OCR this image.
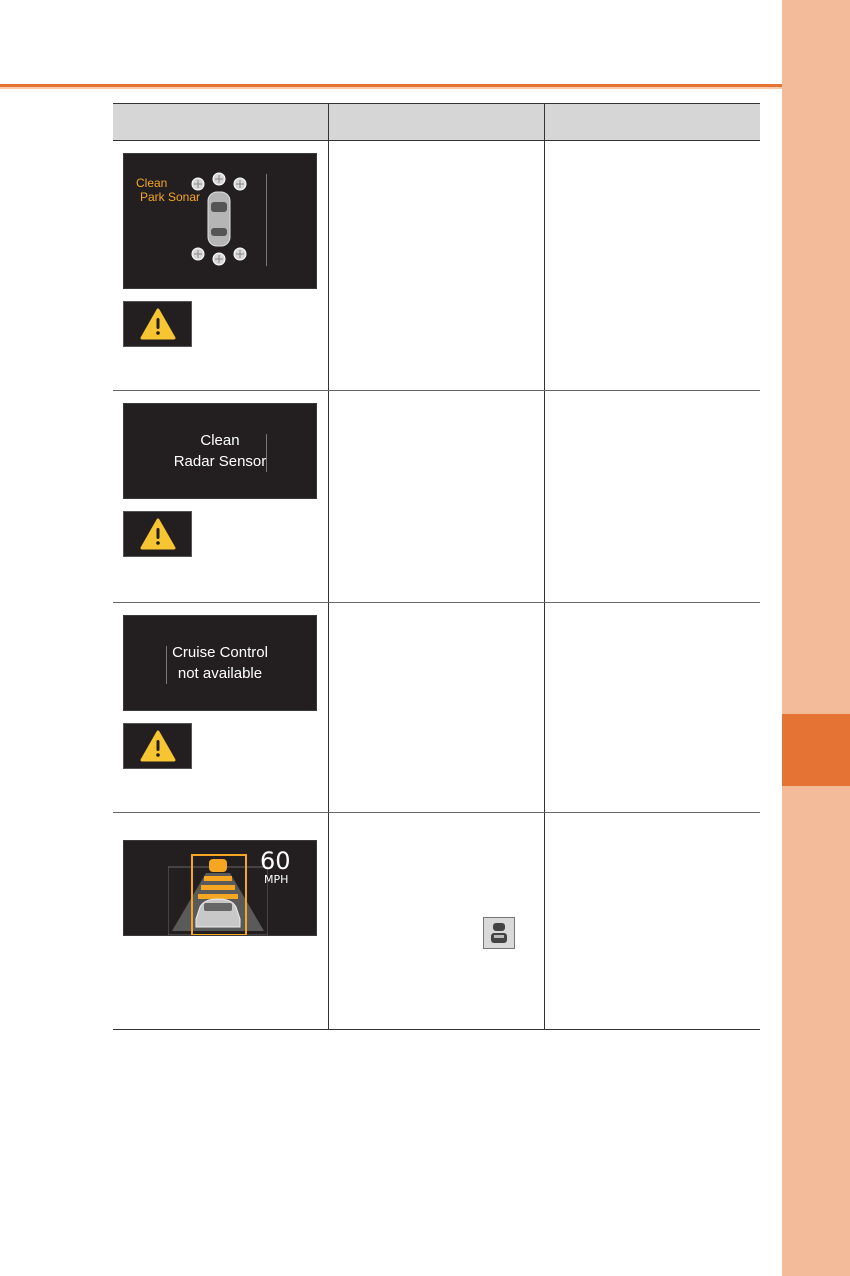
Clean
Park Sonar		

Clean
Radar Sensor		

Cruise Control
not available		

60
MPH
